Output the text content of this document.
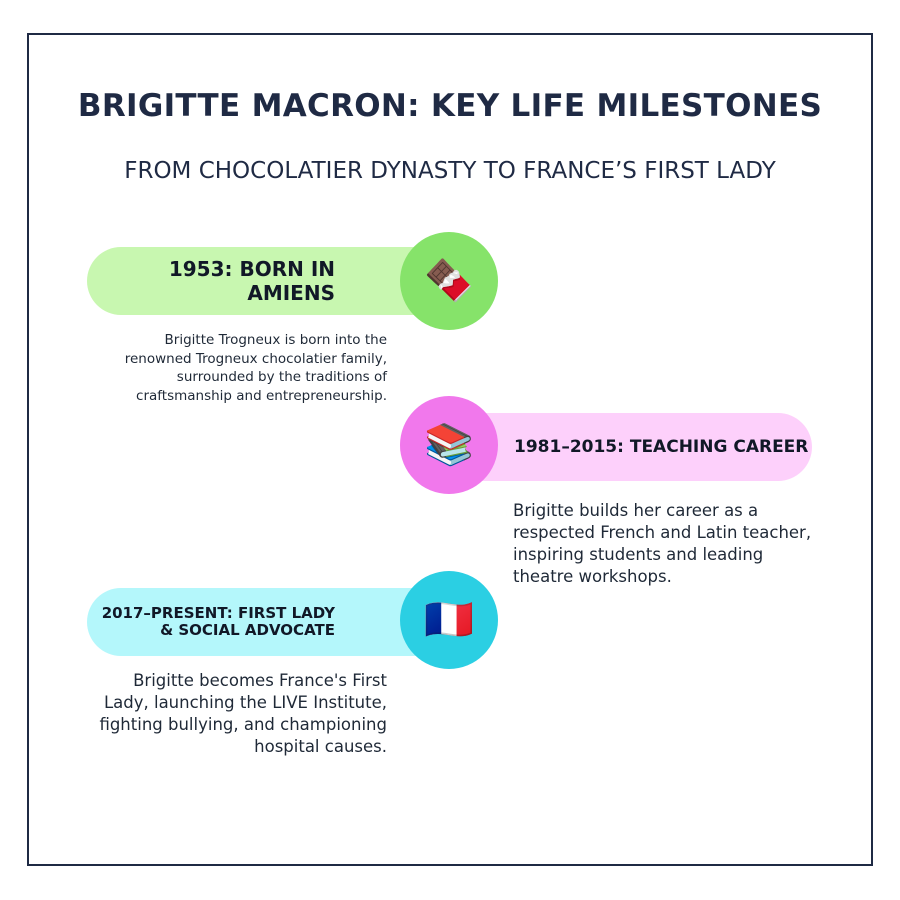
BRIGITTE MACRON: KEY LIFE MILESTONES
FROM CHOCOLATIER DYNASTY TO FRANCE’S FIRST LADY
1953: BORN IN AMIENS 🍫
Brigitte Trogneux is born into the renowned Trogneux chocolatier family, surrounded by the traditions of craftsmanship and entrepreneurship.
1981–2015: TEACHING CAREER
📚
Brigitte builds her career as a respected French and Latin teacher, inspiring students and leading theatre workshops.
2017–PRESENT: FIRST LADY & SOCIAL ADVOCATE 🇫🇷
Brigitte becomes France's First Lady, launching the LIVE Institute, fighting bullying, and championing hospital causes.
